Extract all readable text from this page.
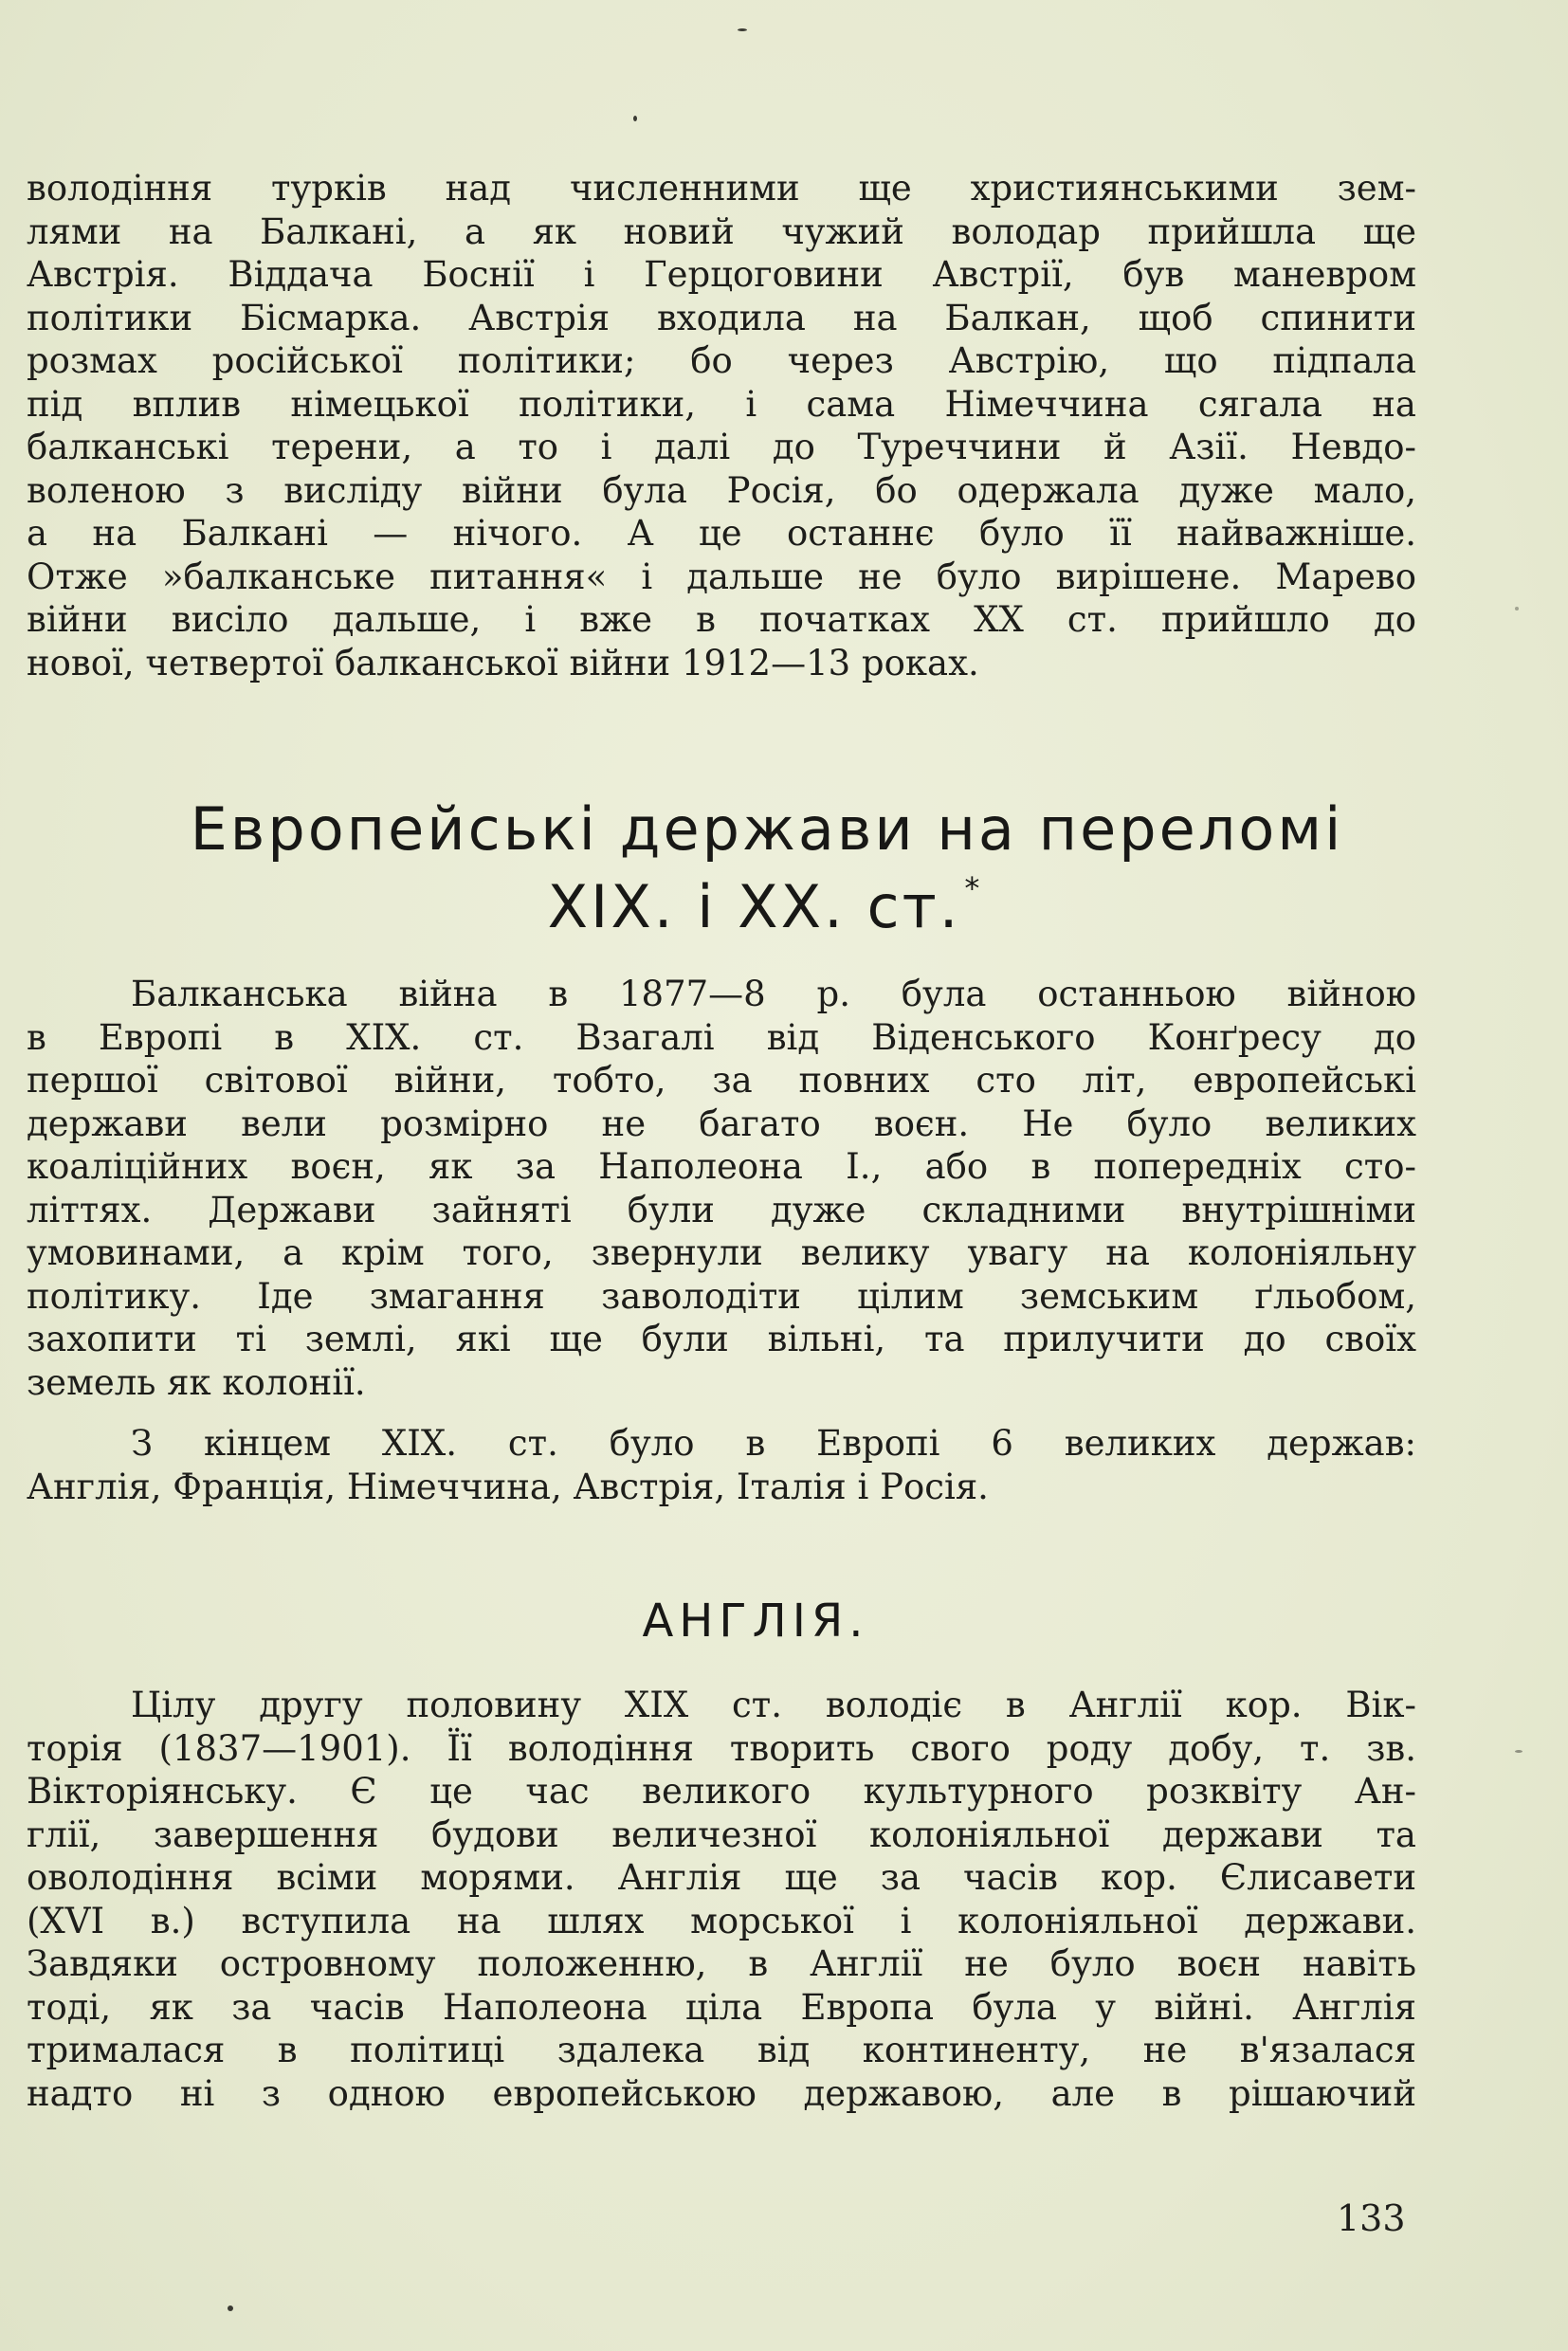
володіння турків над численними ще християнськими зем-
лями на Балкані, а як новий чужий володар прийшла ще
Австрія. Віддача Боснії і Герцоговини Австрії, був маневром
політики Бісмарка. Австрія входила на Балкан, щоб спинити
розмах російської політики; бо через Австрію, що підпала
під вплив німецької політики, і сама Німеччина сягала на
балканські терени, а то і далі до Туреччини й Азії. Невдо-
воленою з висліду війни була Росія, бо одержала дуже мало,
а на Балкані — нічого. А це останнє було її найважніше.
Отже »балканське питання« і дальше не було вирішене. Марево
війни висіло дальше, і вже в початках XX ст. прийшло до
нової, четвертої балканської війни 1912—13 роках.
Европейські держави на переломі
XIX. і XX. ст. *
Балканська війна в 1877—8 р. була останньою війною
в Европі в XIX. ст. Взагалі від Віденського Конґресу до
першої світової війни, тобто, за повних сто літ, европейські
держави вели розмірно не багато воєн. Не було великих
коаліційних воєн, як за Наполеона І., або в попередніх сто-
літтях. Держави зайняті були дуже складними внутрішніми
умовинами, а крім того, звернули велику увагу на колоніяльну
політику. Іде змагання заволодіти цілим земським ґльобом,
захопити ті землі, які ще були вільні, та прилучити до своїх
земель як колонії.
З кінцем XIX. ст. було в Европі 6 великих держав:
Англія, Франція, Німеччина, Австрія, Італія і Росія.
АНГЛІЯ.
Цілу другу половину XIX ст. володіє в Англії кор. Вік-
торія (1837—1901). Її володіння творить свого роду добу, т. зв.
Вікторіянську. Є це час великого культурного розквіту Ан-
глії, завершення будови величезної колоніяльної держави та
оволодіння всіми морями. Англія ще за часів кор. Єлисавети
(XVI в.) вступила на шлях морської і колоніяльної держави.
Завдяки островному положенню, в Англії не було воєн навіть
тоді, як за часів Наполеона ціла Европа була у війні. Англія
трималася в політиці здалека від континенту, не в'язалася
надто ні з одною европейською державою, але в рішаючий
133
